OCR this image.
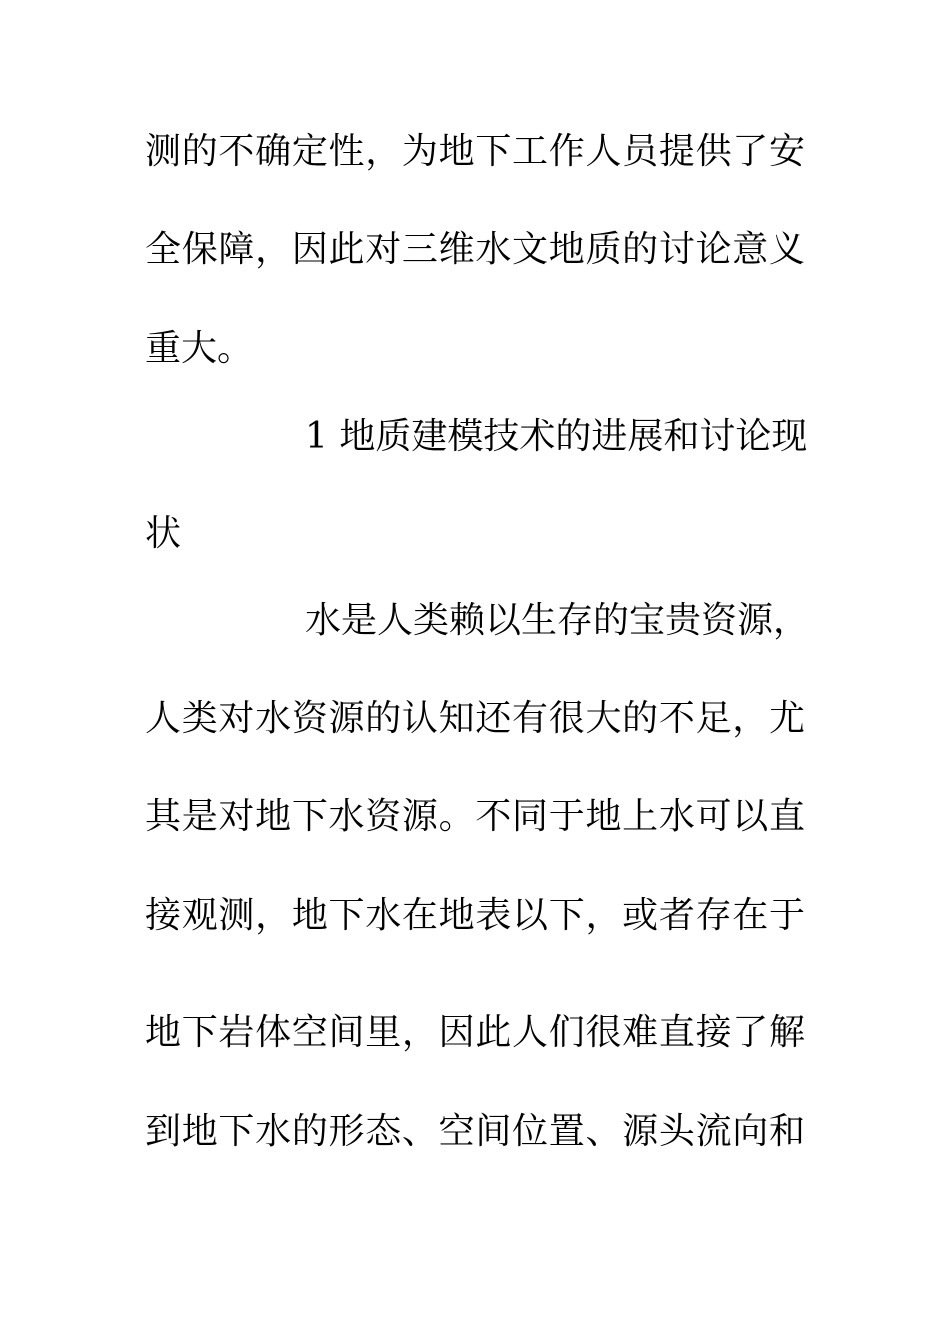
测的不确定性，为地下工作人员提供了安
全保障，因此对三维水文地质的讨论意义
重大。
1 地质建模技术的进展和讨论现
状
水是人类赖以生存的宝贵资源，
人类对水资源的认知还有很大的不足，尤
其是对地下水资源。不同于地上水可以直
接观测，地下水在地表以下，或者存在于
地下岩体空间里，因此人们很难直接了解
到地下水的形态、空间位置、源头流向和
